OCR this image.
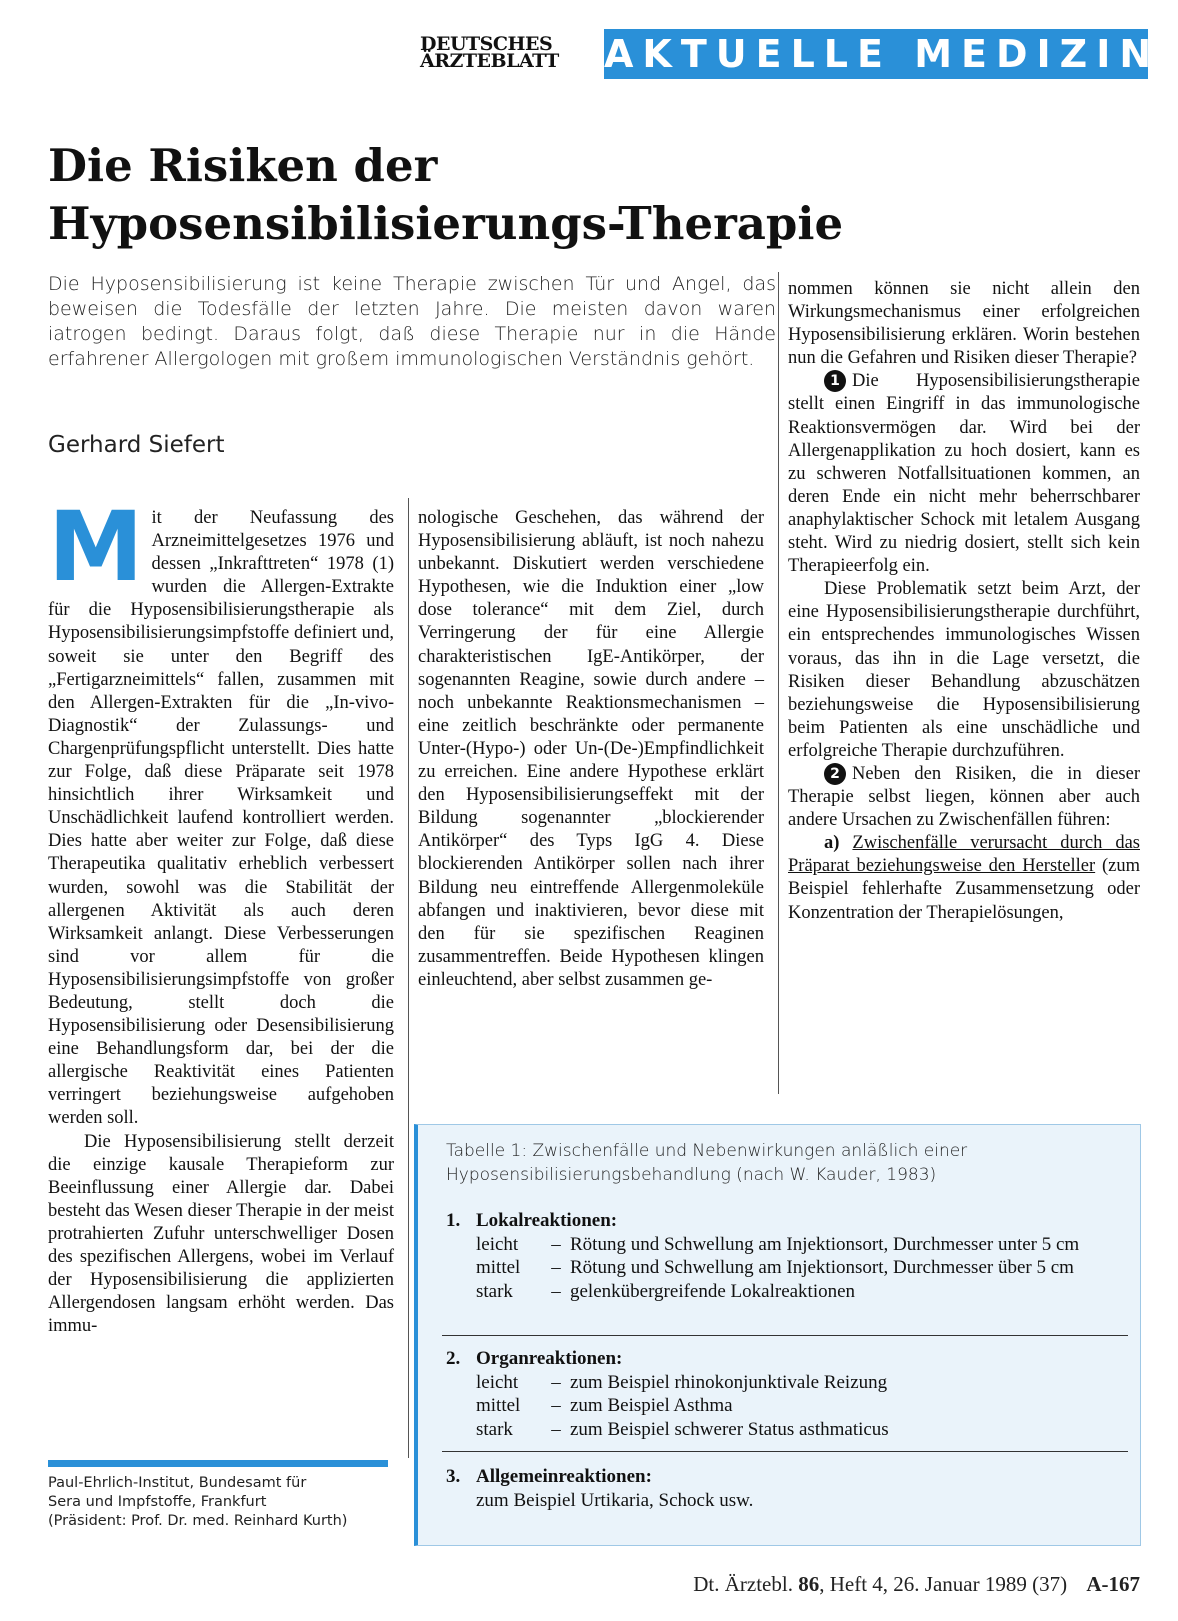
DEUTSCHES
ÄRZTEBLATT	AKTUELLE MEDIZIN
Die Risiken der
Hyposensibilisierungs-Therapie
Die Hyposensibilisierung ist keine Therapie zwischen Tür und Angel, das beweisen die Todesfälle der letzten Jahre. Die meisten davon waren iatrogen bedingt. Daraus folgt, daß diese Therapie nur in die Hände erfahrener Allergologen mit großem immunologischen Verständnis gehört.
Gerhard Siefert

Mit der Neufassung des Arzneimittelgesetzes 1976 und dessen „Inkrafttreten“ 1978 (1) wurden die Allergen-Extrakte für die Hyposensibilisierungstherapie als Hyposensibilisierungsimpfstoffe definiert und, soweit sie unter den Begriff des „Fertigarzneimittels“ fallen, zusammen mit den Allergen-Extrakten für die „In-vivo-Diagnostik“ der Zulassungs- und Chargenprüfungspflicht unterstellt. Dies hatte zur Folge, daß diese Präparate seit 1978 hinsichtlich ihrer Wirksamkeit und Unschädlichkeit laufend kontrolliert werden. Dies hatte aber weiter zur Folge, daß diese Therapeutika qualitativ erheblich verbessert wurden, sowohl was die Stabilität der allergenen Aktivität als auch deren Wirksamkeit anlangt. Diese Verbesserungen sind vor allem für die Hyposensibilisierungsimpfstoffe von großer Bedeutung, stellt doch die Hyposensibilisierung oder Desensibilisierung eine Behandlungsform dar, bei der die allergische Reaktivität eines Patienten verringert beziehungsweise aufgehoben werden soll.

Die Hyposensibilisierung stellt derzeit die einzige kausale Therapieform zur Beeinflussung einer Allergie dar. Dabei besteht das Wesen dieser Therapie in der meist protrahierten Zufuhr unterschwelliger Dosen des spezifischen Allergens, wobei im Verlauf der Hyposensibilisierung die applizierten Allergendosen langsam erhöht werden. Das immu-

nologische Geschehen, das während der Hyposensibilisierung abläuft, ist noch nahezu unbekannt. Diskutiert werden verschiedene Hypothesen, wie die Induktion einer „low dose tolerance“ mit dem Ziel, durch Verringerung der für eine Allergie charakteristischen IgE-Antikörper, der sogenannten Reagine, sowie durch andere – noch unbekannte Reaktionsmechanismen – eine zeitlich beschränkte oder permanente Unter-(Hypo-) oder Un-(De-)Empfindlichkeit zu erreichen. Eine andere Hypothese erklärt den Hyposensibilisierungseffekt mit der Bildung sogenannter „blockierender Antikörper“ des Typs IgG 4. Diese blockierenden Antikörper sollen nach ihrer Bildung neu eintreffende Allergenmoleküle abfangen und inaktivieren, bevor diese mit den für sie spezifischen Reaginen zusammentreffen. Beide Hypothesen klingen einleuchtend, aber selbst zusammen ge-

nommen können sie nicht allein den Wirkungsmechanismus einer erfolgreichen Hyposensibilisierung erklären. Worin bestehen nun die Gefahren und Risiken dieser Therapie?

1 Die Hyposensibilisierungstherapie stellt einen Eingriff in das immunologische Reaktionsvermögen dar. Wird bei der Allergenapplikation zu hoch dosiert, kann es zu schweren Notfallsituationen kommen, an deren Ende ein nicht mehr beherrschbarer anaphylaktischer Schock mit letalem Ausgang steht. Wird zu niedrig dosiert, stellt sich kein Therapieerfolg ein.

Diese Problematik setzt beim Arzt, der eine Hyposensibilisierungstherapie durchführt, ein entsprechendes immunologisches Wissen voraus, das ihn in die Lage versetzt, die Risiken dieser Behandlung abzuschätzen beziehungsweise die Hyposensibilisierung beim Patienten als eine unschädliche und erfolgreiche Therapie durchzuführen.

2 Neben den Risiken, die in dieser Therapie selbst liegen, können aber auch andere Ursachen zu Zwischenfällen führen:

a) Zwischenfälle verursacht durch das Präparat beziehungsweise den Hersteller (zum Beispiel fehlerhafte Zusammensetzung oder Konzentration der Therapielösungen,

Paul-Ehrlich-Institut, Bundesamt für
Sera und Impfstoffe, Frankfurt
(Präsident: Prof. Dr. med. Reinhard Kurth)
Tabelle 1: Zwischenfälle und Nebenwirkungen anläßlich einer Hyposensibilisierungsbehandlung (nach W. Kauder, 1983)
1. Lokalreaktionen:
leicht	– Rötung und Schwellung am Injektionsort, Durchmesser unter 5 cm
mittel	– Rötung und Schwellung am Injektionsort, Durchmesser über 5 cm
stark	– gelenkübergreifende Lokalreaktionen
2. Organreaktionen:
leicht	– zum Beispiel rhinokonjunktivale Reizung
mittel	– zum Beispiel Asthma
stark	– zum Beispiel schwerer Status asthmaticus
3. Allgemeinreaktionen:
zum Beispiel Urtikaria, Schock usw.
Dt. Ärztebl. 86, Heft 4, 26. Januar 1989 (37) A-167
